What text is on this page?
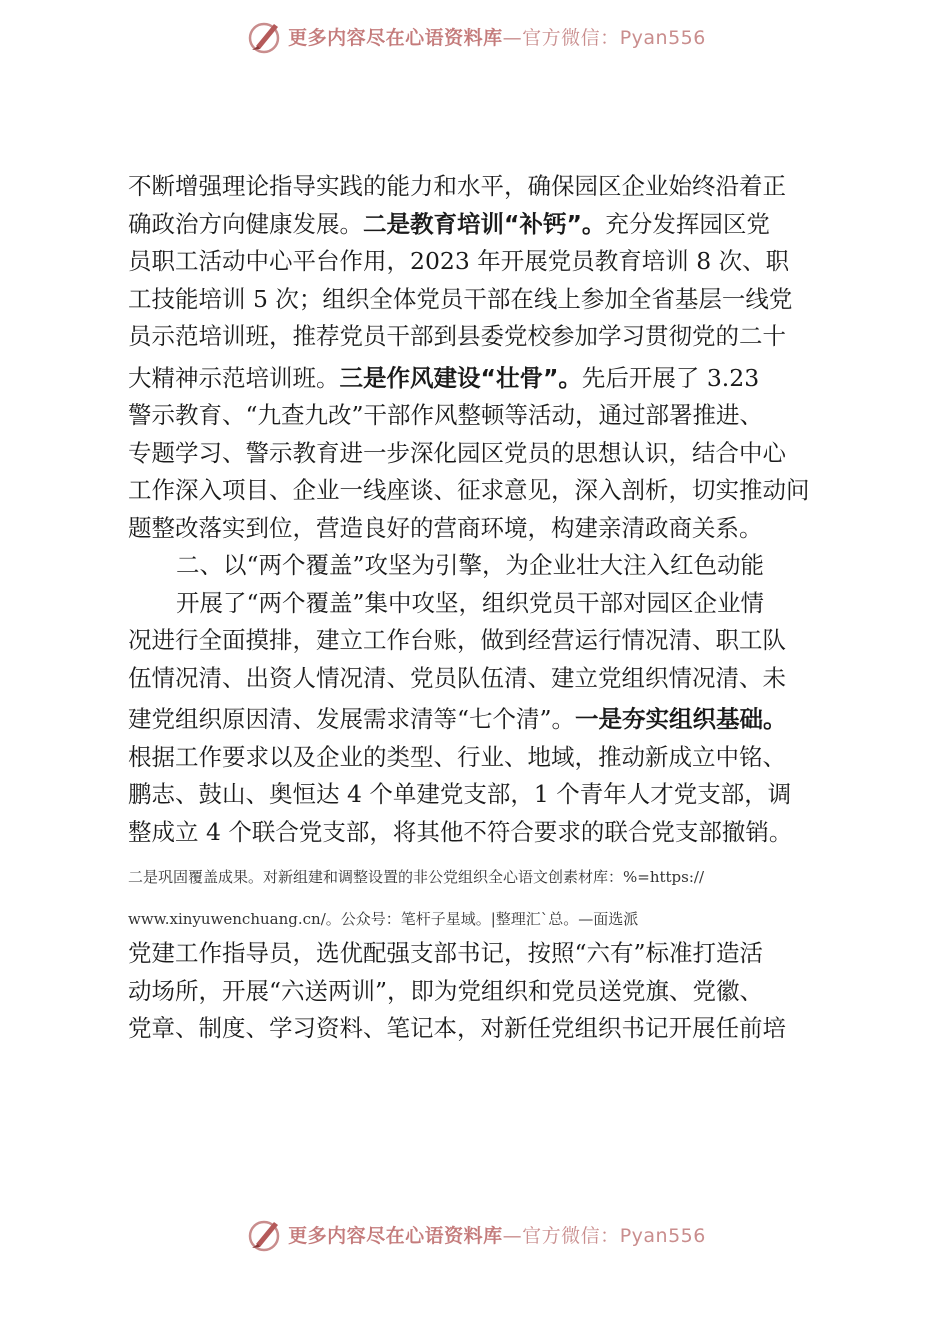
更多内容尽在心语资料库—官方微信：Pyan556
不断增强理论指导实践的能力和水平，确保园区企业始终沿着正
确政治方向健康发展。二是教育培训“补钙”。充分发挥园区党
员职工活动中心平台作用，2023 年开展党员教育培训 8 次、职
工技能培训 5 次；组织全体党员干部在线上参加全省基层一线党
员示范培训班，推荐党员干部到县委党校参加学习贯彻党的二十
大精神示范培训班。三是作风建设“壮骨”。先后开展了 3.23
警示教育、“九查九改”干部作风整顿等活动，通过部署推进、
专题学习、警示教育进一步深化园区党员的思想认识，结合中心
工作深入项目、企业一线座谈、征求意见，深入剖析，切实推动问
题整改落实到位，营造良好的营商环境，构建亲清政商关系。
二、以“两个覆盖”攻坚为引擎，为企业壮大注入红色动能
开展了“两个覆盖”集中攻坚，组织党员干部对园区企业情
况进行全面摸排，建立工作台账，做到经营运行情况清、职工队
伍情况清、出资人情况清、党员队伍清、建立党组织情况清、未
建党组织原因清、发展需求清等“七个清”。一是夯实组织基础。
根据工作要求以及企业的类型、行业、地域，推动新成立中铭、
鹏志、鼓山、奥恒达 4 个单建党支部，1 个青年人才党支部，调
整成立 4 个联合党支部，将其他不符合要求的联合党支部撤销。
二是巩固覆盖成果。对新组建和调整设置的非公党组织全心语文创素材库：%=https://
www.xinyuwenchuang.cn/。公众号：笔杆子星域。|整理汇`总。—面选派
党建工作指导员，选优配强支部书记，按照“六有”标准打造活
动场所，开展“六送两训”，即为党组织和党员送党旗、党徽、
党章、制度、学习资料、笔记本，对新任党组织书记开展任前培
更多内容尽在心语资料库—官方微信：Pyan556
